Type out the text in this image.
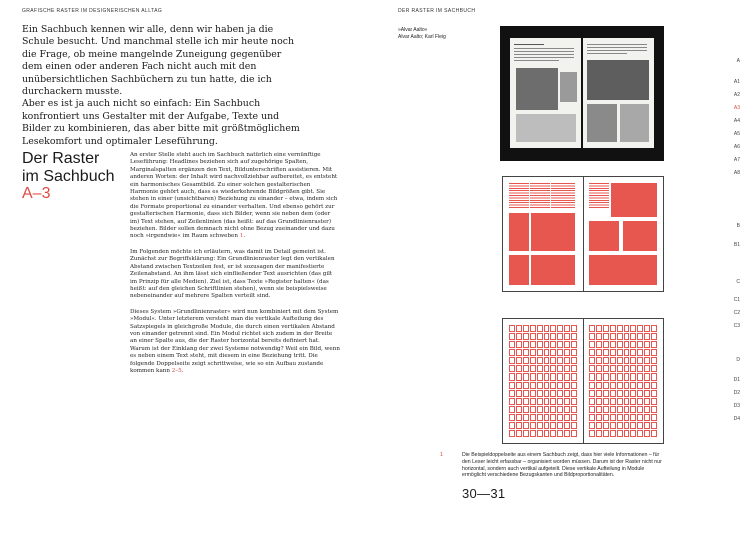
GRAFISCHE RASTER IM DESIGNERISCHEN ALLTAG

Ein Sachbuch kennen wir alle, denn wir haben ja die Schule besucht. Und manchmal stelle ich mir heute noch die Frage, ob meine mangelnde Zuneigung gegenüber dem einen oder anderen Fach nicht auch mit den unübersichtlichen Sachbüchern zu tun hatte, die ich durchackern musste.

Aber es ist ja auch nicht so einfach: Ein Sachbuch konfrontiert uns Gestalter mit der Aufgabe, Texte und Bilder zu kombinieren, das aber bitte mit größtmöglichem Lesekomfort und optimaler Leseführung.

Der Raster
im Sachbuch
A–3

An erster Stelle steht auch im Sachbuch natürlich eine vernünftige Leseführung: Headlines beziehen sich auf zugehörige Spalten, Marginalspalten ergänzen den Text, Bildunterschriften assistieren. Mit anderen Worten: der Inhalt wird nachvollziehbar aufbereitet, es entsteht ein harmonisches Gesamtbild. Zu einer solchen gestalterischen Harmonie gehört auch, dass es wiederkehrende Bildgrößen gibt. Sie stehen in einer (unsichtbaren) Beziehung zu einander – etwa, indem sich die Formate proportional zu einander verhalten. Und ebenso gehört zur gestalterischen Harmonie, dass sich Bilder, wenn sie neben dem (oder im) Text stehen, auf Zeilenlinien (das heißt: auf das Grundlinienraster) beziehen. Bilder sollen demnach nicht ohne Bezug zueinander und dazu noch »irgendwie« im Raum schweben 1.

Im Folgenden möchte ich erläutern, was damit im Detail gemeint ist. Zunächst zur Begriffsklärung: Ein Grundlinienraster legt den vertikalen Abstand zwischen Textzeilen fest, er ist sozusagen der manifestierte Zeilenabstand. An ihm lässt sich einfließender Text ausrichten (das gilt im Prinzip für alle Medien). Ziel ist, dass Texte »Register halten« (das heißt: auf den gleichen Schriftlinien stehen), wenn sie beispielsweise nebeneinander auf mehrere Spalten verteilt sind.

Dieses System »Grundlinienraster« wird nun kombiniert mit dem System »Modul«. Unter letzterem versteht man die vertikale Aufteilung des Satzspiegels in gleichgroße Module, die durch einen vertikalen Abstand von einander getrennt sind. Ein Modul richtet sich zudem in der Breite an einer Spalte aus, die der Raster horizontal bereits definiert hat. Warum ist der Einklang der zwei Systeme notwendig? Weil ein Bild, wenn es neben einem Text steht, mit diesem in eine Beziehung tritt. Die folgende Doppelseite zeigt schrittweise, wie so ein Aufbau zustande kommen kann 2–5.

DER RASTER IM SACHBUCH
»Alvar Aalto«
Alvar Aalto; Karl Fleig
1	Die Beispieldoppelseite aus einem Sachbuch zeigt, dass hier viele Informationen – für den Leser leicht erfassbar – organisiert worden müssen. Darum ist der Raster nicht nur horizontal, sondern auch vertikal aufgeteilt. Diese vertikale Aufteilung in Module ermöglicht verschiedene Bezugskanten und Bildproportionalitäten.
30—31
A
A1
A2
A3
A4
A5
A6
A7
A8
B
B1
C
C1
C2
C3
D
D1
D2
D3
D4
